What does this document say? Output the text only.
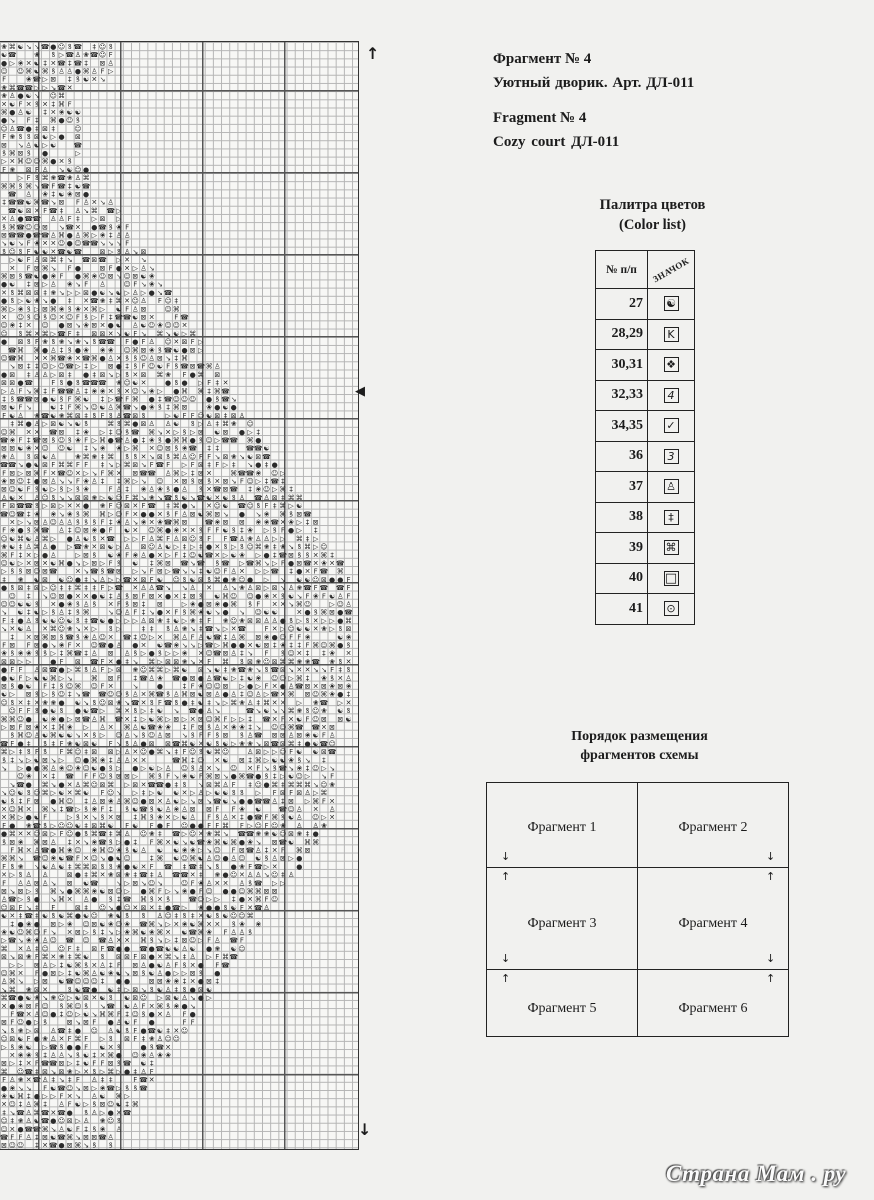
❀ ⌘ ☯ ↘ ↘ ☎ ● ☺ ꝸ ☎ ‡ ☺ ꝸ
☯ ☎ ❀ ꝸ ▷ ☎ ♙ ❀ ☎ ☺ F
● ▷ ❀ ✕ ☯ ‡ ✕ ☎ ‡ ☎ ‡ ⊠ ♙
☺ ☺ ⌘ ☯ ⌘ ꝸ ♙ ♙ ● ⌘ ♙ F ▷
F	❀ ☎ ▷ ⊠ ‡ ꝸ ☯ ✕ ↘
❀ ⌘ ☎ ☎ ▷ ▷ ↘ ☎ ✕
❀ ♙ ● ☯ ↘ ☺ ⌘
✕ ☯ F ✕ ꝸ ✕ ‡ ⌘ F
⌘ ● ♙ ☯ ‡ ✕ ❀ ☯ ☯
● ↘ F ‡ ⌘ ● ☺ ꝸ
☺ ♙ ☎ ● ‡ ⊠ ‡	☺
F ❀ ꝸ ꝸ ⊠ ☯ ▷ ● ⊠
⊠ ↘ ♙ ☯ ▷ ☯ ☎
ꝸ ⌘ ⊠ ꝸ ●	▷
▷ ✕ ⌘ ☺ ☺ ⌘ ● ✕ ꝸ
F ❀ ⊠ F ♙ ↘ ☯ ☺ ●
▷ F ꝸ ⌘ ❀ ☎ ❀ ♙ ⌘
⌘ ⌘ ꝸ ⌘ ↘ ☎ F ☎ ‡ ☯ ☎
☎ ♙ ❀ ‡ ☯ ❀ ⊠ ●
‡ ☎ ☎ ☯ ⌘ ☎ ↘ ⊠ F ♙ ✕ ↘ ♙
☎ ☯ ⊠ ✕ F ☎ ‡ ♙ ↘ ⌘ ☎ ▷
✕ ♙ ● ☎ ☎ ♙ ♙ F ‡ ▷ ⊠ ▷
ꝸ ⌘ ☎ ☺ ☺ ⊠ ↘ ☎ ✕ ● ☎ ꝸ ❀ F
⊠ ☎ ☎ ● ☎ ☎ ♙ ⌘ ● ♙ ⌘ ▷ ❀ ‡ ♙ ♙
↘ ☯ ↘ F ❀ ✕ ✕ ☺ ● ☺ ☎ ☎ ↘ ↘ ↘ F
ꝸ ☺ ꝸ F ☯ ☯ ✕ ☎ ☯ ☎ ⊠ ▷ ꝸ ♙ ↘ ⊠
▷ ☯ F ♙ ⊠ ⌘ ‡ ↘ ☎ ⊠ ☎ ▷ ✕ ↘
✕ F ⊠ ⌘ ↘ F ●	⊠ F ● ✕ ▷ ♙ ↘
⌘ ⊠ ꝸ ☎ ☯ ● ❀ F ● ⌘ ❀ ☺ ⊠ ↘ ☺ ⊠ ☯ ❀
● ☯ ‡ ⊠ ▷ ♙ ❀ ↘ F ♙	☺ F ↘ ❀ ↘
✕ ꝸ ⌘ ⊠ ⊠ ‡ ❀ ↘ ▷ ▷ ⊠ ● ☯ ↘ ☯ ▷ ♙ ▷ ● ↘ ☎
● ꝸ ▷ ☯ ❀ ↘ ● ‡ ✕ ☎ ❀ ‡ ⌘ ✕ ☺ ♙ F ☺ ‡
⌘ ▷ ❀ ꝸ ▷ ⊠ ⌘ ❀ ꝸ ❀ ✕ ⌘ ▷ ☯ F ♙ ⊠	☺ ⌘
✕ ☺ ꝸ ☺ ꝸ ☺ ✕ ☺ F ꝸ ▷ F ‡ ☎ ☎ ☯ ⊠ ✕	F ☎
☺ ❀ ‡ ✕ ☺ ● ⊠ ↘ ❀ ⊠ ✕ ● ☯ ♙ ☯ ☺ ❀ ☺ ☺ ✕
☺ ꝸ ⌘ ✕ ⌘ ▷ ☎ F ‡ ⊠ ⊠ ✕ ↘ ☯ F ↘ ⌘ ↘ ☯ ▷ ⌘
● ⊠ ꝸ F ❀ ꝸ ❀ ↘ ❀ ↘ ꝸ ☎ ☎ F ● F ♙ ☺ ✕ ⊠ F ▷
☎ ⌘ ⌘ ● ♙ ‡ ꝸ ● ❀ ❀ ❀ ☺ ⌘ ⊠ ❀ ꝸ ☎ ☯ ● ⊠ ▷
☺ ☎ ⌘ ✕ ✕ ⌘ ☎ ❀ ✕ ☎ ⌘ ● ♙ ✕ ꝸ ꝸ ☺ ♙ ⊠ ↘ ‡ ⌘
↘ ⊠ ‡ ‡ ☺ ▷ ☺ ☎ ▷ ‡ ▷ ⊠ ● ‡ ꝸ F ☺ ☯ F ꝸ ☎ ⊠ ☎ ⌘ ♙
● ⊠ ‡ ♙ ♙ ▷ ⊠ ‡ ● ‡ ⊠ ↘ ▷ ꝸ ✕ ⊠ ⌘ ❀ F ● ⌘ ⊠
⊠ ⊠ ● ☎	F ꝸ ● ꝸ ☎ ☎ ☎ ❀ ☺ ☯ ✕	● ꝸ ● ▷ F ‡ ✕
▷ ♙ F ↘ ⌘ ‡ F ☎ ☎ ♙ ‡ ❀ ❀ ✕ ꝸ ✕ ☺ ↘ ❀ ▷ ● ⌘ ⌘ ‡ ⌘ ☎
‡ ꝸ ☎ ☎ ⊠ ● ☯ ꝸ F ⌘ ☯ ‡ ▷ ☎ F ⌘ ● ‡ ☎ ☺ ☺ ☺ ● ꝸ ☎ ↘
⊠ ☯ F ↘	☯ ‡ F ⌘ ↘ ☺ ☯ ♙ ⌘ ☎ ↘ ● ❀ ꝸ ‡ ⌘ ⊠	❀ ● ☯ ●
F ☯ ♙ ❀ ☎ ☯ ❀ ⌘ ⊠ ‡ ꝸ F ꝸ ♙ ☎ ⊠ ꝸ	▷ ☯ F F ☺ ☯ ⊠ ‡ ⊠ ♙
‡ ⌘ ● ♙ ▷ ⊠ ☯ ↘ ☯ ꝸ	⌘ ꝸ ⌘ ● ⊠ ♙ ♙ ☯ ꝸ ▷ ♙ ‡ ⌘ ❀ ☺
☺ ⌘ ✕ ✕ ☎ ⊠ ‡ ❀ ▷ ‡ ☺ ꝸ ☎ ⌘ ↘ ✕ ▷ ꝸ ▷ ⊠ ☯ ⊠ ● ▷ ‡
☎ ❀ F ‡ ☎ ⊠ ꝸ ☺ ꝸ ❀ F ▷ ⌘ ● ☎ ♙ ● ‡ ❀ ꝸ ● ⌘ ⌘ ● ꝸ ☺ ▷ ☎ ☎ ⌘ ●
⊠ ⊠ ☯ ❀ ✕ ☺ ☺ ☯ ‡ ↘ ❀ ❀ ▷ ⌘ ✕ ☺ ⊠ ꝸ ❀ ☎ ‡ ‡	☎ ☎ ☯
❀ ♙ ꝸ ⊠ ☯ ♙	❀ ⌘ ❀ ‡ ⌘ ꝸ ꝸ ✕ ↘ ⊠ ꝸ ⌘ ♙ ☺ F F ↘ ⊠ ❀ ↘ ☯ ⊠ ☎
☎ ☎ ↘ ● ☯ ⊠ F ⌘ ⌘ F F ‡ ↘ ▷ ⌘ ⊠ ↘ F ☎ F ▷ F ⊠ ‡ F ▷ ‡ ↘ ● ‡ ●
F ⊠ ▷ ⊠ ⌘ F ✕ ☎ ☺ ✕ ▷ ↘ F ⌘ ✕ ⊠ ☎ ☎ ♙ ⌘ ▷ ‡ ⊠ ✕	⌘ ☎ ☎ ❀ ☺ ▷
❀ ⊠ ☺ ‡ ● ⊠ ♙ ↘ ↘ F ❀ ♙ ‡ ‡ ⌘ ▷ ↘ ☺ ✕ ⊠ ꝸ ⊠ ꝸ ✕ ⊠ ↘ F ☺ ▷ ‡ ☎ ‡
⊠ ☺ ☯ F ꝸ ☯ ▷ ꝸ ▷ ꝸ ❀	F ♙ ‡ ❀ ♙ ❀ ꝸ ● ♙ ꝸ ✕ ☎ ⊠ ☎ ‡ ❀ ☺ ▷ ⌘ ‡
♙ ☯ ✕ ♙ ☺ ꝸ ↘ ↘ ⊠ ⊠ ❀ ▷ ☯ ☺ F ⌘ ↘ ❀ ↘ ☎ ꝸ ☯ ↘ ☎ ☯ ✕ ☯ ꝸ ♙ ☎ ♙ ⊠ ‡ ⌘ ⌘
F ⊠ ☎ ☎ ꝸ ▷ ⊠ ▷ ✕ ✕ ● ❀ F ☺ ⊠ ✕ F ☎ ‡ ⌘ ● ↘ ✕ ☺ ☯ ☎ ☺ ꝸ F ‡ ⌘ ▷ ☯
☎ ☺ ☎ ‡ ❀ ❀ ↘ ❀ ꝸ ⌘ ⌘ ▷ ☺ F ✕ ● ● ✕ ꝸ F ♙ ⊠ ☯ ⌘ ⊠ ↘ ● ↘ ❀ ⌘ ꝸ ⊠ ☎
✕ ▷ ↘ ⊠ ♙ ☺ ♙ ♙ ꝸ ꝸ ꝸ F ‡ ❀ ♙ ↘ ❀ ✕ ❀ ☎ ⌘ ⊠ ☎ ❀ ⊠ ⊠ ❀ ❀ ☎ ✕ ❀ ▷ ‡ ⊠
F ❀ ● ꝸ ⌘ ☎ ♙ ‡ ☺ ⊠ ❀ ● F ☯ ✕ ☺ ⌘ ● ❀ ✕ ✕ ꝸ F F ☯ ꝸ ‡ ❀ ▷ ꝸ F ● ▷ ‡
☺ ☯ ⌘ ☯ ♙ ⌘ ▷ ● ♙ ☯ ꝸ ✕ ☎ ▷ ▷ F ♙ ⌘ F ♙ ⊠ ☺ ꝸ F F ☎ ♙ ❀ ♙ ♙ ▷ ▷ ⌘ ‡ ▷
❀ ☯ ‡ ♙ ⌘ ♙ ● ▷ ☎ ❀ ✕ ⊠ ☯ ▷ ♙ ⊠ ☺ ♙ ☯ ▷ ‡ ▷ ‡ ● ✕ ꝸ ▷ ꝸ ☺ ⌘ ❀ ‡ ❀ ↘ ꝸ ⌘ ▷ ☺
⌘ F ‡ ✕ ▷ ● ♙	▷ ⊠ ꝸ ☯ ❀ F ❀ ♙ ● ✕ ▷ F ‡ ☺ ☯ ☎ ✕ ▷ ☯ ❀ ▷ ● ‡ ☎ ⊠ ꝸ ꝸ ✕ ⌘ ‡
☺ ☯ ▷ ✕ ⊠ ✕ ☯ ⌘ ● ↘ ▷ ⊠ ▷ F ꝸ ☯ ‡ ⌘ ⊠ ☎ ↘ ☎ ꝸ ☎ ▷ ☎ ⌘ ↘ ▷ F ● ⊠ ☎ ✕ ❀ ✕ ☎
▷ ꝸ ꝸ ⊠ ☺ ⊠ ☎ ✕ ↘ ☎ ꝸ ☎ ⊠ ▷ ↘ F ⊠ ▷ ☎ ↘ ↘ ‡ ☯ ☺ F ♙ ✕ ▷ ▷ ☎ ‡ ● ✕ F ☎ ⌘
‡ ❀ ☯ ⊠ ☯ ☺ ● ‡ ↘ ♙ ▷ ▷ ☎ ✕ ⊠ F ☯ ☺ ꝸ ☯ ⊠ ꝸ ⌘ ● ❀ ☺ ● ▷ ↘ ☯ ☯ ☺ ⊠ ● ● F
● ꝸ ⊠ ‡ ⊠ ▷ ☺ ‡ ‡ ⌘ ‡ ‡ F ▷ ☎ ✕ ♙ ♙ ☎ ↘ ↘ ♙ ✕ ♙ ↘ ❀ ♙ ⊠ ▷ ⊠ ↘ ♙ ❀ ☎ F ☎ ☎ F
☺ ‡ ↘ ☺ ⊠ ● ✕ ✕ ● ☯ ‡ ♙ ꝸ ⊠ F ⊠ ✕ ● ✕ ‡ ⊠ ꝸ ☯ ⌘ ☺ ☺ ● ❀ ✕ ꝸ ☯ ↘ F ❀ F ☯ ♙ F
☺ ☺ ☯ ☯ ꝸ ✕ ● ❀ ꝸ ♙ ꝸ ✕ F ꝸ ⊠ ‡ ⊠	▷ ❀ ● ⊠ ❀ ● ⌘ ꝸ F ✕ ✕ ↘ ⌘ ☺	▷ ☺ ♙
↘ ☯ ‡ ☯ ▷ ꝸ ♙ ‡ ꝸ ⌘	↘ ☺ ♙ F ‡ ↘ ● ✕ F ꝸ ⌘ ❀ ☯ ↘ ● ↘ ☺ ☯ ☯	✕ ● ꝸ ⌘ ⊠ ● ☎
F ‡ ● ♙ ꝸ ☯ ☯ ☺ ☯ ꝸ ‡ ☎ ☯ ● ▷ ▷ ▷ ♙ ⊠ ❀ ‡ ☯ ▷ ❀ ‡ F ❀ ☺ ❀ ⊠ ⊠ ♙ ♙ ● ꝸ ▷ ꝸ ✕ ▷ ▷ ● ⌘
↘ ✕ ☯ ♙ ✕ ⌘ ☺ ❀ ↘ ✕ ▷ ꝸ ▷	‡ ‡ ꝸ ♙ ❀ ↘ ‡ ☎ ↘ ▷ ✕ ☎	F ✕ ▷ ☺ ☯ ☯ ✕ ❀ ▷ ꝸ ⊠
‡ ✕ ⊠ ⌘ ⊠ ꝸ ☎ ꝸ ❀ ♙ ☺ ✕ ☎ ‡ ☺ ▷ ✕ ⌘ ♙ F ♙ ☯ ☎ ‡ ♙ ⌘ ⊠ ❀ ● ☺ F F ❀	☯ ❀
F ⊠ F ⊠ ● ↘ ❀ F ✕ ☺ ☎ ● ♙ ● ✕ ☯ ☎ ❀ ↘ ↘ ▷ ☎ ▷ ⌘ ● ● ✕ ☯ ⊠ ‡ ❀ ‡ ‡ F ⌘ ☺ ⌘ ● ꝸ
❀ ꝸ ❀ ❀ ꝸ ꝸ ▷ ‡ ⌘ ☎ ‡ ♙ ⊠ ♙ ꝸ ▷ ● ꝸ ▷ ▷ ❀ ✕ ☺ ☎ ⊠ ♙ ‡ ↘ F ꝸ ☺ ✕ ‡ ‡ ❀ ✕
⊠ ⊠ ▷ ▷	● F ⊠ ☎ F ✕ ● ‡ ↘ ⌘ ▷ ⊠ ⊠ ❀ ↘ ✕ F ⌘ ꝸ ⊠ ❀ ☺ ⊠ ⌘ ⌘ ❀ ❀ ☎ ❀ ꝸ ✕
● F F ♙ ⊠ ☎ ● ▷ ⌘ ꝸ ♙ F ▷ ⊠ ❀ ☺ ⌘ ⌘ ▷ ⌘ ☯ ⊠ ↘ ☯ ‡ ❀ ☎ ❀ ↘ ꝸ ☎ ⊠ ↘ ✕ ✕ ↘ ↘ F ‡ ꝸ
● ☯ F ▷ ☯ ☯ ⌘ ▷ ↘	⌘ ⊠ F ‡ ☎ ♙ ❀ ☎ ● ⊠ ● ♙ ☎ ☯ ▷ ‡ ☯ ❀ ☺ ☺ ▷ ⌘ ‡ ❀ ꝸ ✕ ♙
⊠ ꝸ ● ☯ F ‡ ꝸ ☺ ⌘ ☺ F ✕	↘	●	‡ F ❀ ☺ ☺ ⊠ ▷ ● ▷ F ✕ ● ♙ ☎ ⊠ ✕ ⊠ ❀ ⊠ ❀
☯ ▷ ⊠ ꝸ ▷ ꝸ ☺ ‡ ↘ ☎ ☎ ☺ ☺ ꝸ ♙ ✕ ⌘ ☎ ꝸ ♙ ⌘ ⊠ ☯ ⊠ ♙ ● ♙ ‡ ☺ ♙ ▷ ☎ ✕ ⌘ ⊠ ☺ ⌘ ❀ ● ‡
☺ ꝸ ✕ ‡ ✕ ❀ ❀ ● ☯ ↘ ꝸ ☺ ⊠ ❀ ↘ ☎ ✕ ꝸ F ☎ ꝸ ● ‡ ☯ ‡ ↘ ▷ ⌘ ❀ ♙ ‡ ⌘ ✕ ✕ ▷ ❀ ☎ ▷ ✕
☺ F F ꝸ ● ☯ ꝸ ● ☯ ☎ ▷ ⌘ ✕ ꝸ ▷ ‡ ☯ ↘ ☎ ● ♙ ↘	☎ ↘ ☯ ↘ ↘ ⌘ ❀ ꝸ ☺ ❀ ☯ ꝸ
⌘ ⌘ ☺ ● ☯ ❀ ● ▷ ⊠ ☎ ♙ ⌘ ☎ ✕ ‡ ▷ ☯ ⌘ ▷ ⊠ ▷ ✕ ⊠ ☺ ⌘ F ▷ ▷ ‡ ☎ ✕ F ✕ ☯ F ☺ ⊠ ⊠ ☯
▷ ⊠ F ⊠ ❀ ✕ ‡ ⌘ ❀ ▷ ♙ ✕ ⌘ ♙ ☯ ☎ ❀ ❀ ‡ F ⊠ ꝸ ♙ ✕ ❀ ❀ ‡ ↘ ☺ ☺ ⌘ ☎ ☎ ✕ ⊠
ꝸ ⌘ ☺ ♙ ☯ ⌘ ☯ ☯ ↘ ✕ ꝸ ▷ ☺ ♙ ↘ ꝸ ☺ ♙ ⊠ ↘ ꝸ F F ꝸ ⊠ ꝸ ♙ ☎ ⊠ ⊠ ♙ ⊠ ❀ ☯ F ♙
☎ F ● ‡ ꝸ ‡ F ❀ ☯ ⊠ ☯ F ↘ ꝸ ♙ ● ⊠ ⊠ ☎ ⌘ ☯ ✕ ☯ ꝸ ☯ ▷ ❀ ❀ ↘ ⊠ ☎ ⊠ ⌘ ‡ ● ☯ ☎ ☺
⌘ ▷ ‡ ꝸ F ꝸ F ⌘ ☺ ‡ ⊠ ⊠ ▷ ♙ ✕ ☺ ● ⌘ ↘ ‡ F ☺ ꝸ ☯ ⌘ ☺	♙ ⊠ ▷ ▷ ☺ F ☯ ☯ ⊠ ☎
ꝸ ‡ ↘ ▷ ☯ ⊠ ↘ ▷ ☺ ● ⌘ ❀ ‡ ♙ ♙ ✕ ✕	☎ ⌘ ‡ ☺ ✕ ☯ ⊠ ‡ ⌘ ▷ ☯ ☯ ❀ ꝸ ↘ ‡
↘ ▷ ● ● ⌘ ♙ ❀ ☺ ❀ ☺ ☯ ● ꝸ ▷ ● ▷ ☯ ▷ ♙ ☺ ꝸ ♙ ✕ ↘ ☺ ✕ F ↘ ꝸ ☎ ↘ ❀ ‡ ☺ ▷ ↘
☺ ❀ ✕ ‡ ☎ F F ☺ ꝸ ⊠ ⊠ ▷ ⌘ ꝸ F ↘ ❀ ☯ F ⌘ ⊠ ↘ ● ⌘ ☎ ● ꝸ ‡ ▷ ☯ ☺ ▷ ↘ F
↘ ☎ ● ⌘ ↘ ● ✕ ♙ ⌘ ☺ ⊠ ⌘ ▷ ⊠ ✕ ☎ ☎ ● ‡ ꝸ ↘ ⊠ ⌘ ♙ F ‡ ☺ ● ⌘ ‡ ⌘ ⌘ ⌘ ↘ ☺ ❀
↘ ☺ ☯ ꝸ ☺ ⌘ ▷ ☯ ✕ ⌘ ☯ F ☺ ↘ ▷ ‡ ▷ ☯ ☯ ✕ ▷ ♙ ▷ ☯ ☯ ꝸ ꝸ ▷ F ⊠ F ⊠ ♙ ▷ ⌘
☯ ꝸ ‡ F ⊠ ● ⌘ ☺ ‡ ♙ ⊠ ❀ ♙ ⌘ ☺ ● ⊠ ✕ ♙ ☯ ▷ ↘ ⊠ ↘ ☎ ☯ ↘ ● ● ☎ ☎ ♙ ‡ ⊠ ▷ ⌘ F ✕
✕ ☺ ⌘ ✕ ⌘ ↘ ‡ ☎ ▷ ꝸ ❀ F ‡ ꝸ ☯ ☎ ꝸ ☯ ♙ ❀ ♙ ⊠ ⊠ F F ❀ ☯ ☎ ☺ ♙ ✕ ♙
✕ ⌘ ▷ ● ☯ F	▷ ꝸ ✕ ↘ ꝸ ✕ ⊠ ‡ ⌘ ꝸ ❀ ✕ ▷ ☯ ♙ F ꝸ ♙ ✕ ‡ ● ☎ F ⌘ ꝸ ☯ ♙ ☺ ▷ ✕
F ● ❀ ☎ ꝸ ▷ ☺ ☺ ☯ ‡ ⊠ ⌘ ☯ F ☯ F ● F ☺ ● ● F F ⌘ F ▷ ☺ F ☺ ❀ ♙ ♙ ❀
● ⌘ ✕ ✕ ☺ ⊠ ▷ F ☺ ● ꝸ ⌘ ☎ ‡ ⌘ ♙ ☺ ❀ ‡ ☎ ▷ ☺ ✕ ❀ ⌘ ↘ ☎ ☎ ❀ ❀ ☯ ☺ ⊠ ❀ ‡ ●
ꝸ ⊠ ❀ ⌘ ⊠ ♙ ‡ ✕ ↘ ❀ ☎ ꝸ ▷ ● ‡ F ⌘ ✕ ☯ ↘ ☯ ☎ ❀ ⌘ ☯ ⌘ ● ❀ ↘ ⊠ ☎ ☯ ⌘ ⌘
F ⌘ ✕ ♙ ☎ ● ⌘ ❀ ☺ ❀ ⌘ ☺ ❀ ꝸ ☯ ♙ ☯ ☯ ❀ ❀ ▷ ↘ ☺ F ⊠ ☎ ♙ ‡ ✕ F ⌘ ⊠
⌘ ⌘ ↘ ☎ ☺ ❀ ☯ ☎ F ✕ ☺ ↘ ● ☯ ☺	‡ ⌘ ☯ ☺ ⌘ ☯ ♙ ☺ ● ♙ ☺ ☯ ꝸ ♙ ⊠ ▷ ●
F ꝸ ❀ ↘ ☯ ♙ ☯ ‡ ⌘ ⌘ ⊠ ꝸ ꝸ ❀ ● ☯ ✕ F ☎ ‡ ☎ ‡ ↘ ꝸ ● ❀ F ☎ ▷ ✕	●
✕ ▷ ꝸ ♙ ♙	⊠ ● ‡ ⌘ ✕ ❀ ⊠ ❀ ‡ ☎ ‡ ♙ ☎ ☎ ✕ ‡ ❀ ● ☺ ✕ ♙ ♙ ↘ ☺ ‡ ♙
F ♙ ♙ ⊠ ♙ ↘ ⊠ ☯ ☎ ↘ ▷ ⊠ ↘ ☺ ↘	☺ F ❀ ♙ ✕ ✕ ♙ ꝸ ☎ ▷ ▷
⊠ ↘ ⊠ ▷ ꝸ ⌘ ↘ ● ⌘ ⌘ ❀ ☯ ⊠ ☺ ▷ ● ⌘ F ▷ ↘ ❀ ● F ☺ ● ● ☺ ⌘ ⌘ ⊠ ⊠
♙ ☎ ▷ ꝸ ● ↘ ⌘ ✕ ♙ ● ꝸ ‡ ☎ ⌘ ꝸ ✕ ꝸ	☎ ☺ ▷ ▷ ‡ ● ✕ ⌘ F ☺
☺ ⊠ F ↘ ‡ F	⊠ ‡ ☺ ↘ ● ☺ ✕ ⊠ ✕ ‡ ● ☎ ▷ ❀ ● ● ꝸ ☯ F ✕ ☎ ♙
☯ ✕ ‡ ☎ ‡ ☯ ꝸ ☯ ⌘ ● ☯ ☺ ❀ ☯ ꝸ ꝸ ♙ ☺ ‡ ꝸ ‡ ✕ ☯ ꝸ ☯ ☺ ☺ ⌘
‡ ● ❀ ● ⊠ ▷ ❀ ☺ ⊠ ☯ ❀ ☺ ❀ ☎ ⌘ ↘ ▷ ✕ ❀ ☯ ⌘ ✕ ✕ ꝸ ❀ ❀
❀ ☯ ☺ ⌘ ☺ F ↘ ✕ ⊠ ▷ ꝸ ‡ ↘ ▷ ❀ ⌘ ☯ ❀ ⌘ ✕ ☯ ☎ ⌘ ❀ F ♙ ♙ ꝸ
▷ ☎ ↘ ❀ ❀ ♙ ☺ ☎ ☺ ☎ ♙ ✕ ✕ ⌘ ꝸ ↘ ▷ ‡ ⊠ ☺ ▷ F ♙ ☎ F
⌘ ✕ ♙ ‡ ☺ ☺ F ‡ ⊠ F ☎ ● ● ☎ ● ☎ ☯ ☯ ♙ ☯ ● ❀ ☯ ☺
⊠ ↘ ⊠ ❀ F ⌘ ✕ ❀ ‡ ⌘ ☯ ꝸ ⊠ ⊠ F ⊠ ● ✕ ⌘ ↘ ‡ ♙ ▷ F ⌘ ☎
▷ ▷ ⊠ ♙ ▷ ‡ ☯ ⌘ ꝸ ✕ ♙ ‡ F ⊠ ♙ ● ☯ ♙ F ꝸ ✕ ● F ☎
☺ ⌘ ✕ F ● ⊠ ▷ ‡ ☯ ⌘ ♙ ☯ ❀ ☯ ↘ ⊠ ꝸ ☯ ♙ ● ▷ ▷ ⊠ ꝸ ●
♙ ⌘ ↘ ▷ ⊠ ☯ ☎ ☺ ☺ ☺ ‡ ● ●	⊠ ⊠ ❀ ❀ ‡ ✕ ● ⊠ ‡
↘ ⌘ ❀ ⊠ ✕	ꝸ ☯ ☎ ● ☯ ‡ ▷ ⊠ ↘ ꝸ ☯ ♙ ‡ ꝸ ● ⊠ ☯
⌘ ☎ ● ☯ ❀ ↘ ❀ ☺ ▷ ☯ ⊠ ✕ ☯ ꝸ ☯ ⊠ ☺ ▷ ⊠ ☯ ♙ ↘ ● ▷
✕ ● ❀ ⊠ F ☺ ꝸ ⌘ ☺ ꝸ ↘ ☎ ☯ ♙ F ✕ ⌘ ꝸ ❀ ● ↘
F ☎ ✕ ♙ ☺ ● ‡ ☺ ▷ ☯ ↘ ⌘ ⌘ F ‡ ☺ ꝸ ● ✕ ♙ F ●
⊠ F ☺ ● ▷ ꝸ	⊠ ↘ ⊠ F ● ♙ ☯ F ●	F F
↘ ꝸ ❀ ▷ ⊠ ♙ ☎ ‡ ● ☺ ♙ ☯ ꝸ F ● ☎ ☯ ‡ ✕ ☺
☺ ⊠ ☯ F ● ❀ ♙ ✕ F ⌘ F ▷ ꝸ ⊠ F ‡ ❀ ♙ ☺ ☺
▷ ꝸ ❀ ☯ ▷ ☎ ꝸ ● ● F ☯ ✕ ꝸ	● ꝸ ☎ ✕
✕ ❀ ❀ ꝸ ‡ ♙ ♙ ↘ ꝸ ☯ ‡ ✕ ⌘ ● ☺ ❀ ♙ ❀ ❀
⊠ ▷ ‡ ✕ F ☎ ☎ ⊠ ▷ ‡ ☯ F F ⊠ ꝸ ☎ ☯ ‡
⌘ ☺ ☎ ‡ ⊠ ↘ ⊠ ❀ ▷ ✕ ꝸ ▷ ⌘ ▷ ● ‡ ♙ F
F ♙ ❀ ✕ ☎ ♙ ‡ ↘ ‡ F ♙ ‡ ‡	F ☎ ✕
● ❀ ↘ ↘ F ☯ ☎ ☺ ↘ ⊠ ▷ ❀ ☎ ▷ ꝸ ꝸ ☎
❀ ☯ ⌘ ‡ ● ▷ ▷ F ✕ ↘ ♙ ☯ ⌘ ▷
✕ ☺ ‡ ♙ ⌘ ‡ ♙ F ☯ ▷ ꝸ ⊠ ☺ ☯ ‡ ⌘
‡ ↘ ☎ ♙ ⌘ ☎ ✕ ☎ ● ꝸ ♙ ▷ ● ✕ ☎
☺ ‡ ❀ ♙ ☯ ☎ ● ☺ ⊠ ▷ ♙ ❀ ☺ ꝸ
☺ ✕ ● ☎ ☎ ⌘ ↘ ♙ ☯ F ‡ ꝸ ❀ ♙
☎ F F ♙ ‡ ⊠ ☯ ☎ ⌘ ↘ ⊠ ⊠ ☎ ♙
⊠ ☺ ☺ ‡ ✕ ☎ ● ⊠ ⌘ ↘ ꝸ ꝸ
↑
◀
↓
Фрагмент № 4
Уютный дворик. Арт. ДЛ-011
Fragment № 4
Cozy court ДЛ-011
Палитра цветов
(Color list)
№ п/п	ЗНАЧОК
27	☯
28,29	K
30,31	❖
32,33	4
34,35	✓
36	3
37	♙
38	‡
39	⌘
40	□
41	⊙
Порядок размещения
фрагментов схемы
Фрагмент 1	Фрагмент 2
Фрагмент 3	Фрагмент 4
Фрагмент 5	Фрагмент 6
↓	↓
↑	↑
↓	↓
↑	↑
Страна Мам . ру
